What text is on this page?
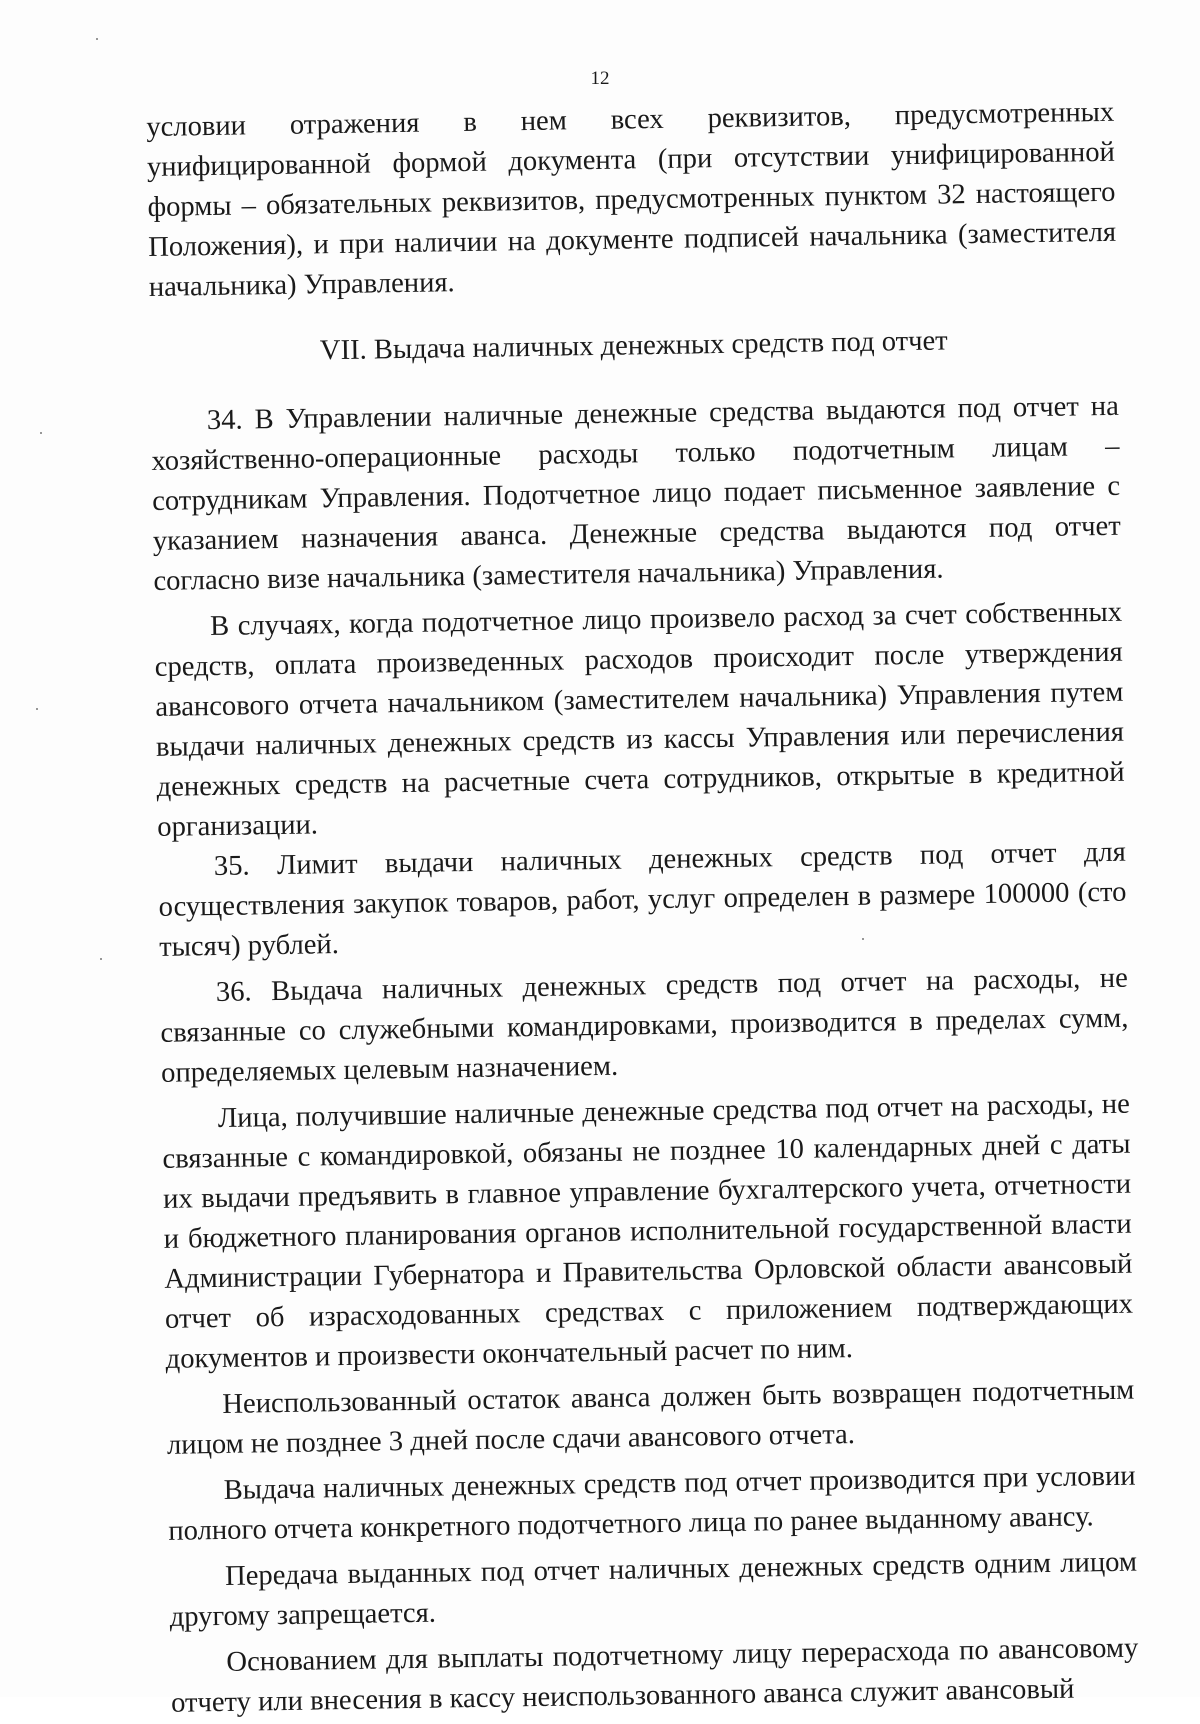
12

условии отражения в нем всех реквизитов, предусмотренных унифицированной формой документа (при отсутствии унифицированной формы – обязательных реквизитов, предусмотренных пунктом 32 настоящего Положения), и при наличии на документе подписей начальника (заместителя начальника) Управления.

VII. Выдача наличных денежных средств под отчет

34. В Управлении наличные денежные средства выдаются под отчет на хозяйственно-операционные расходы только подотчетным лицам – сотрудникам Управления. Подотчетное лицо подает письменное заявление с указанием назначения аванса. Денежные средства выдаются под отчет согласно визе начальника (заместителя начальника) Управления.

В случаях, когда подотчетное лицо произвело расход за счет собственных средств, оплата произведенных расходов происходит после утверждения авансового отчета начальником (заместителем начальника) Управления путем выдачи наличных денежных средств из кассы Управления или перечисления денежных средств на расчетные счета сотрудников, открытые в кредитной организации.

35. Лимит выдачи наличных денежных средств под отчет для осуществления закупок товаров, работ, услуг определен в размере 100000 (сто тысяч) рублей.

36. Выдача наличных денежных средств под отчет на расходы, не связанные со служебными командировками, производится в пределах сумм, определяемых целевым назначением.

Лица, получившие наличные денежные средства под отчет на расходы, не связанные с командировкой, обязаны не позднее 10 календарных дней с даты их выдачи предъявить в главное управление бухгалтерского учета, отчетности и бюджетного планирования органов исполнительной государственной власти Администрации Губернатора и Правительства Орловской области авансовый отчет об израсходованных средствах с приложением подтверждающих документов и произвести окончательный расчет по ним.

Неиспользованный остаток аванса должен быть возвращен подотчетным лицом не позднее 3 дней после сдачи авансового отчета.

Выдача наличных денежных средств под отчет производится при условии полного отчета конкретного подотчетного лица по ранее выданному авансу.

Передача выданных под отчет наличных денежных средств одним лицом другому запрещается.

Основанием для выплаты подотчетному лицу перерасхода по авансовому отчету или внесения в кассу неиспользованного аванса служит авансовый
